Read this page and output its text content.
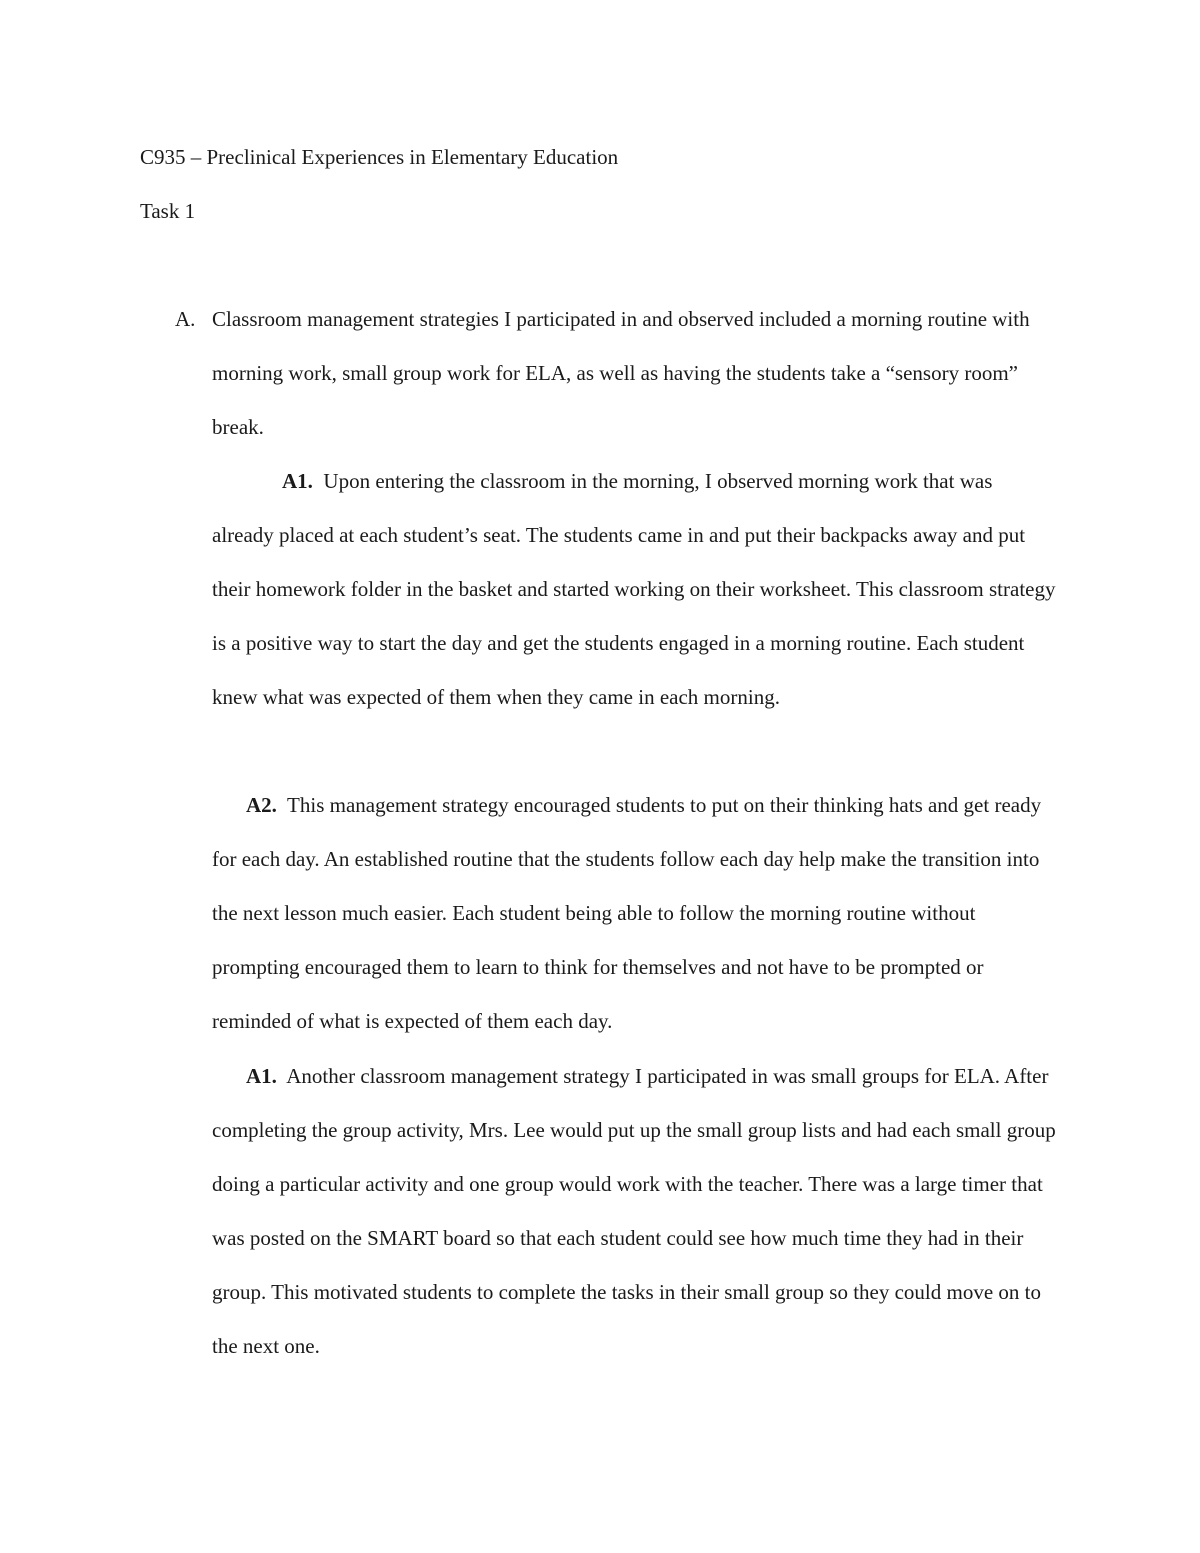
C935 – Preclinical Experiences in Elementary Education
Task 1
A. Classroom management strategies I participated in and observed included a morning routine with morning work, small group work for ELA, as well as having the students take a “sensory room” break.

A1. Upon entering the classroom in the morning, I observed morning work that was already placed at each student’s seat. The students came in and put their backpacks away and put their homework folder in the basket and started working on their worksheet. This classroom strategy is a positive way to start the day and get the students engaged in a morning routine. Each student knew what was expected of them when they came in each morning.

A2. This management strategy encouraged students to put on their thinking hats and get ready for each day. An established routine that the students follow each day help make the transition into the next lesson much easier. Each student being able to follow the morning routine without prompting encouraged them to learn to think for themselves and not have to be prompted or reminded of what is expected of them each day.

A1. Another classroom management strategy I participated in was small groups for ELA. After completing the group activity, Mrs. Lee would put up the small group lists and had each small group doing a particular activity and one group would work with the teacher. There was a large timer that was posted on the SMART board so that each student could see how much time they had in their group. This motivated students to complete the tasks in their small group so they could move on to the next one.
